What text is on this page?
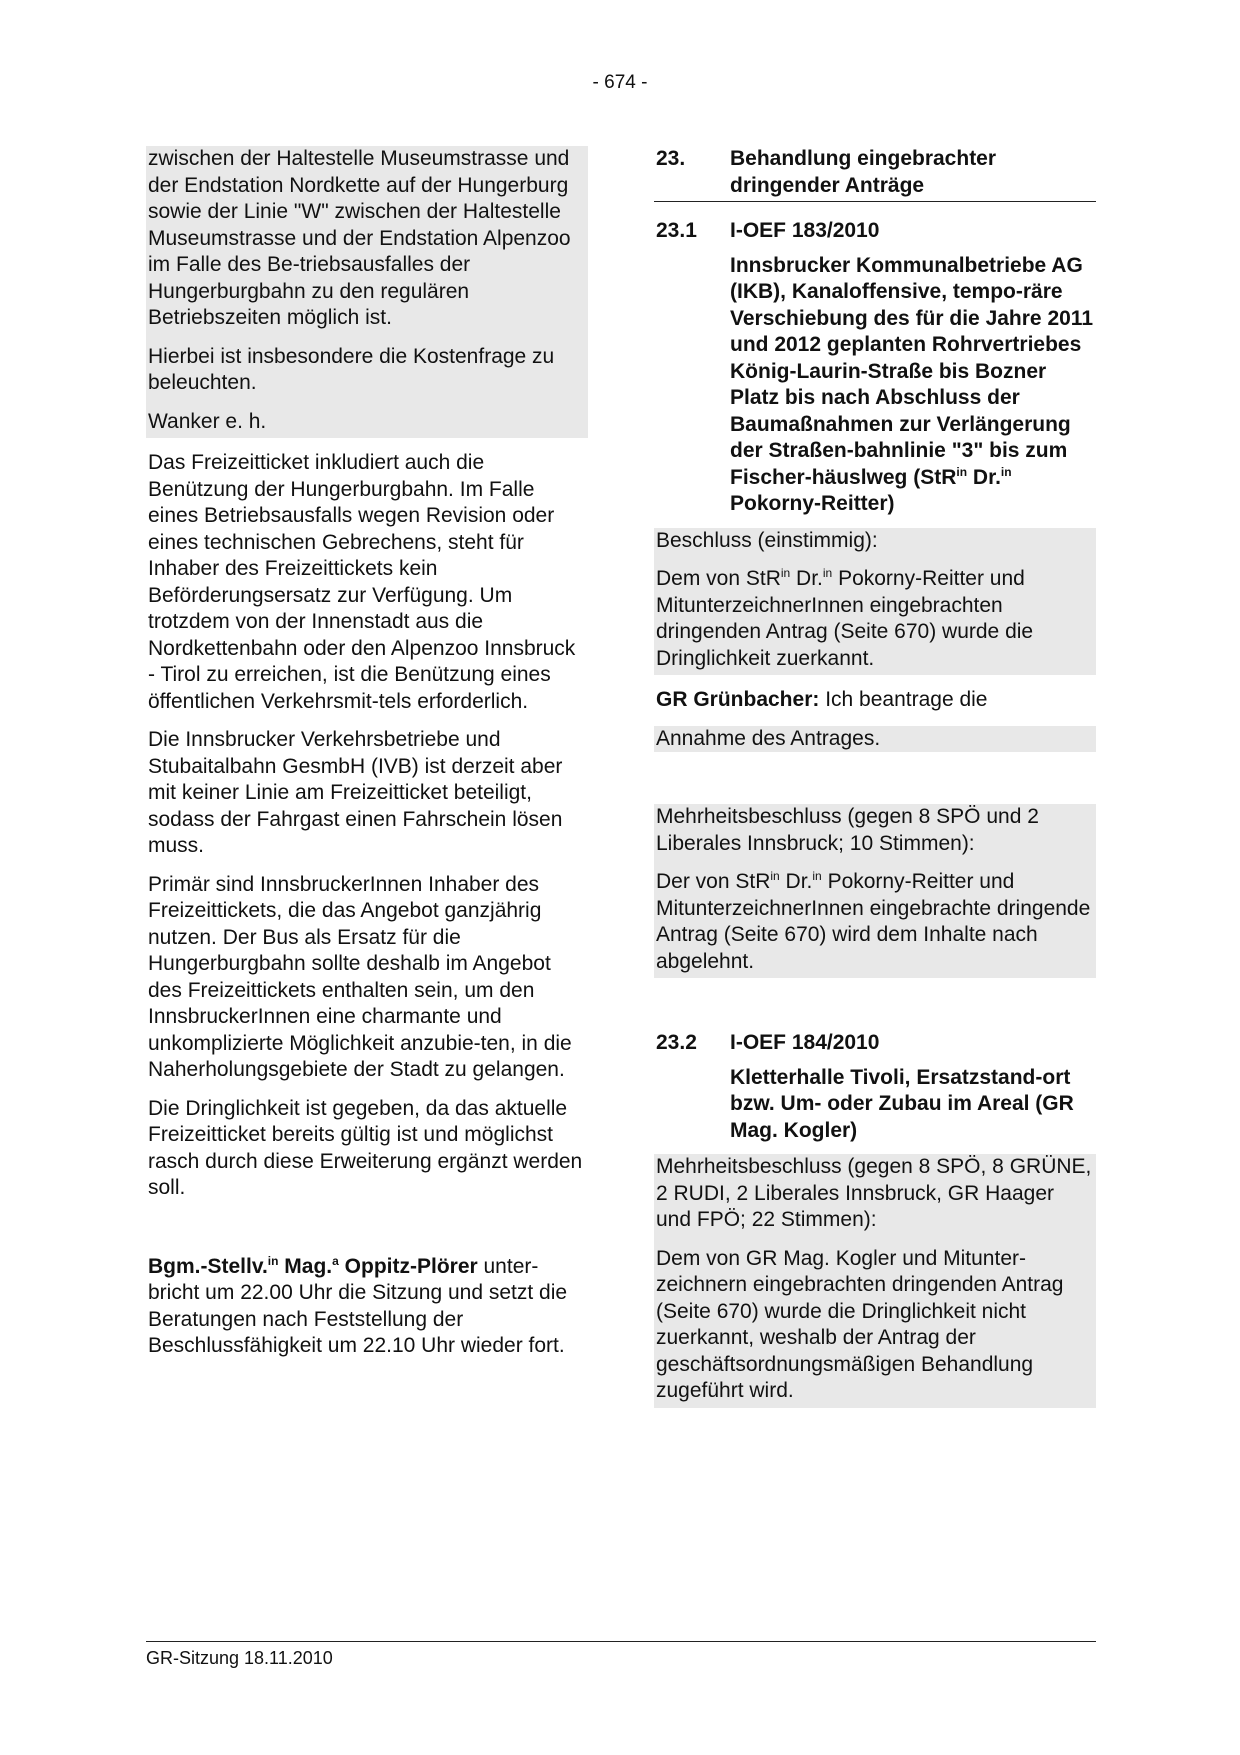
- 674 -

zwischen der Haltestelle Museumstrasse und der Endstation Nordkette auf der Hungerburg sowie der Linie "W" zwischen der Haltestelle Museumstrasse und der Endstation Alpenzoo im Falle des Be-triebsausfalles der Hungerburgbahn zu den regulären Betriebszeiten möglich ist.

Hierbei ist insbesondere die Kostenfrage zu beleuchten.

Wanker e. h.

Das Freizeitticket inkludiert auch die Benützung der Hungerburgbahn. Im Falle eines Betriebsausfalls wegen Revision oder eines technischen Gebrechens, steht für Inhaber des Freizeittickets kein Beförderungsersatz zur Verfügung. Um trotzdem von der Innenstadt aus die Nordkettenbahn oder den Alpenzoo Innsbruck - Tirol zu erreichen, ist die Benützung eines öffentlichen Verkehrsmit-tels erforderlich.

Die Innsbrucker Verkehrsbetriebe und Stubaitalbahn GesmbH (IVB) ist derzeit aber mit keiner Linie am Freizeitticket beteiligt, sodass der Fahrgast einen Fahrschein lösen muss.

Primär sind InnsbruckerInnen Inhaber des Freizeittickets, die das Angebot ganzjährig nutzen. Der Bus als Ersatz für die Hungerburgbahn sollte deshalb im Angebot des Freizeittickets enthalten sein, um den InnsbruckerInnen eine charmante und unkomplizierte Möglichkeit anzubie-ten, in die Naherholungsgebiete der Stadt zu gelangen.

Die Dringlichkeit ist gegeben, da das aktuelle Freizeitticket bereits gültig ist und möglichst rasch durch diese Erweiterung ergänzt werden soll.

Bgm.-Stellv.$^{in}$ Mag.$^a$ Oppitz-Plörer unter-bricht um 22.00 Uhr die Sitzung und setzt die Beratungen nach Feststellung der Beschlussfähigkeit um 22.10 Uhr wieder fort.

23.	Behandlung eingebrachter dringender Anträge
23.1	I-OEF 183/2010
Innsbrucker Kommunalbetriebe AG (IKB), Kanaloffensive, tempo-räre Verschiebung des für die Jahre 2011 und 2012 geplanten Rohrvertriebes König-Laurin-Straße bis Bozner Platz bis nach Abschluss der Baumaßnahmen zur Verlängerung der Straßen-bahnlinie "3" bis zum Fischer-häuslweg (StR$^{in}$ Dr.$^{in}$ Pokorny-Reitter)

Beschluss (einstimmig):

Dem von StR$^{in}$ Dr.$^{in}$ Pokorny-Reitter und MitunterzeichnerInnen eingebrachten dringenden Antrag (Seite 670) wurde die Dringlichkeit zuerkannt.

GR Grünbacher: Ich beantrage die

Annahme des Antrages.

Mehrheitsbeschluss (gegen 8 SPÖ und 2 Liberales Innsbruck; 10 Stimmen):

Der von StR$^{in}$ Dr.$^{in}$ Pokorny-Reitter und MitunterzeichnerInnen eingebrachte dringende Antrag (Seite 670) wird dem Inhalte nach abgelehnt.

23.2	I-OEF 184/2010
Kletterhalle Tivoli, Ersatzstand-ort bzw. Um- oder Zubau im Areal (GR Mag. Kogler)

Mehrheitsbeschluss (gegen 8 SPÖ, 8 GRÜNE, 2 RUDI, 2 Liberales Innsbruck, GR Haager und FPÖ; 22 Stimmen):

Dem von GR Mag. Kogler und Mitunter-zeichnern eingebrachten dringenden Antrag (Seite 670) wurde die Dringlichkeit nicht zuerkannt, weshalb der Antrag der geschäftsordnungsmäßigen Behandlung zugeführt wird.

GR-Sitzung 18.11.2010
